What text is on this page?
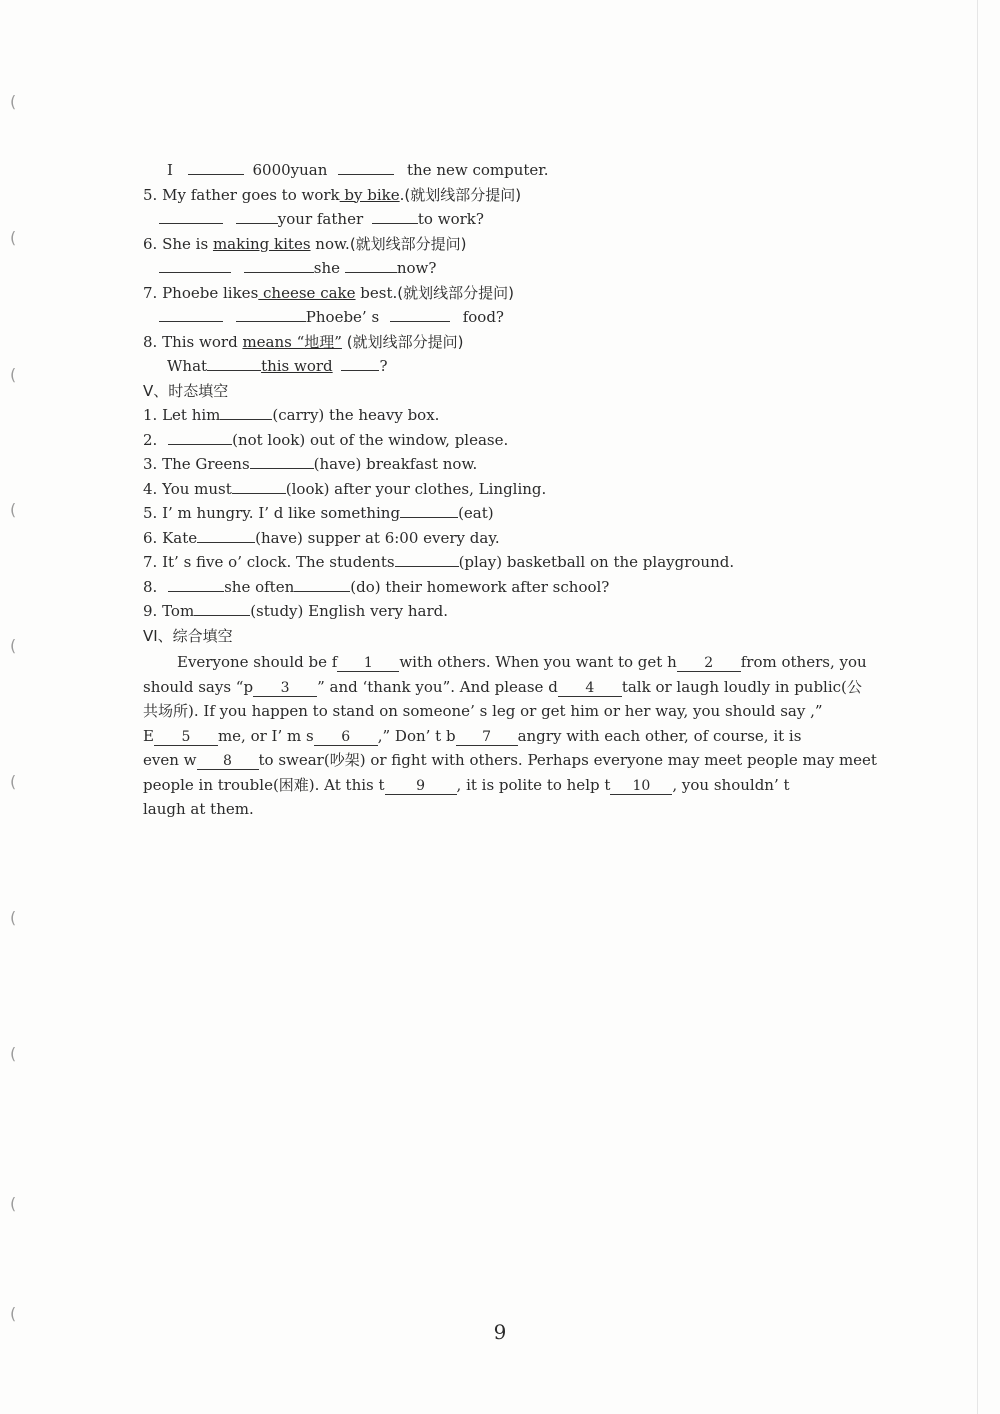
(
(
(
(
(
(
(
(
(
(
I	6000yuan	the new computer.
5. My father goes to work by bike.(就划线部分提问)
your father	to work?
6. She is making kites now.(就划线部分提问)
she	now?
7. Phoebe likes cheese cake best.(就划线部分提问)
Phoebe’ s	food?
8. This word means “地理” (就划线部分提问)
What	this word	?
V、时态填空
1. Let him	(carry) the heavy box.
2.	(not look) out of the window, please.
3. The Greens	(have) breakfast now.
4. You must	(look) after your clothes, Lingling.
5. I’ m hungry. I’ d like something	(eat)
6. Kate	(have) supper at 6:00 every day.
7. It’ s five o’ clock. The students	(play) basketball on the playground.
8.	she often	(do) their homework after school?
9. Tom	(study) English very hard.
VI、综合填空
Everyone should be f 1 with others. When you want to get h 2 from others, you
should says “p 3 ” and ‘thank you”. And please d 4 talk or laugh loudly in public(公
共场所). If you happen to stand on someone’ s leg or get him or her way, you should say ,”
E 5 me, or I’ m s 6 ,” Don’ t b 7 angry with each other, of course, it is
even w 8 to swear(吵架) or fight with others. Perhaps everyone may meet people may meet
people in trouble(困难). At this t 9 , it is polite to help t 10 , you shouldn’ t
laugh at them.
9
